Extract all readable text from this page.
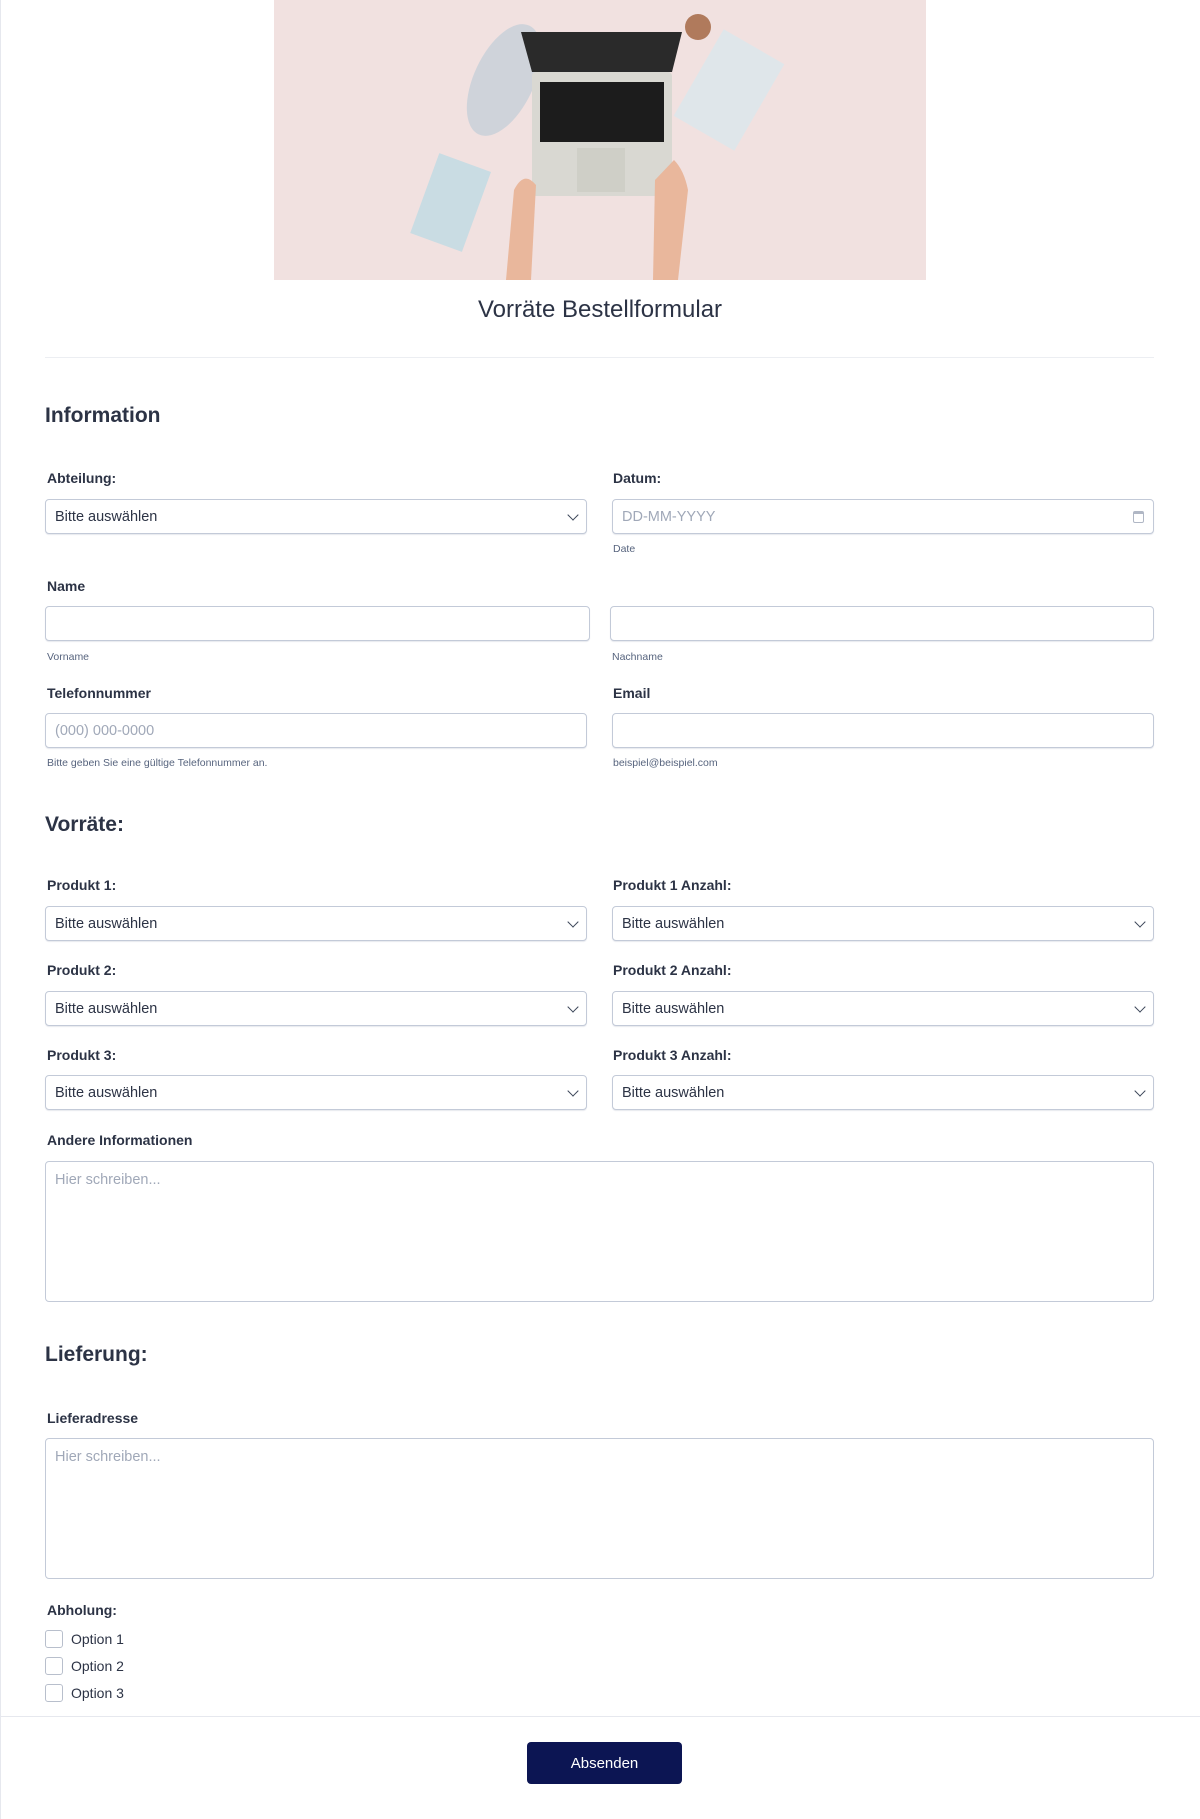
Vorräte Bestellformular
Information
Abteilung:
Bitte auswählen
Datum:
DD-MM-YYYY
Date
Name
Vorname	Nachname
Telefonnummer
(000) 000-0000
Bitte geben Sie eine gültige Telefonnummer an.
Email
beispiel@beispiel.com
Vorräte:
Produkt 1:
Bitte auswählen
Produkt 1 Anzahl:
Bitte auswählen
Produkt 2:
Bitte auswählen
Produkt 2 Anzahl:
Bitte auswählen
Produkt 3:
Bitte auswählen
Produkt 3 Anzahl:
Bitte auswählen
Andere Informationen
Hier schreiben...
Lieferung:
Lieferadresse
Hier schreiben...
Abholung:
Option 1
Option 2
Option 3
Absenden
